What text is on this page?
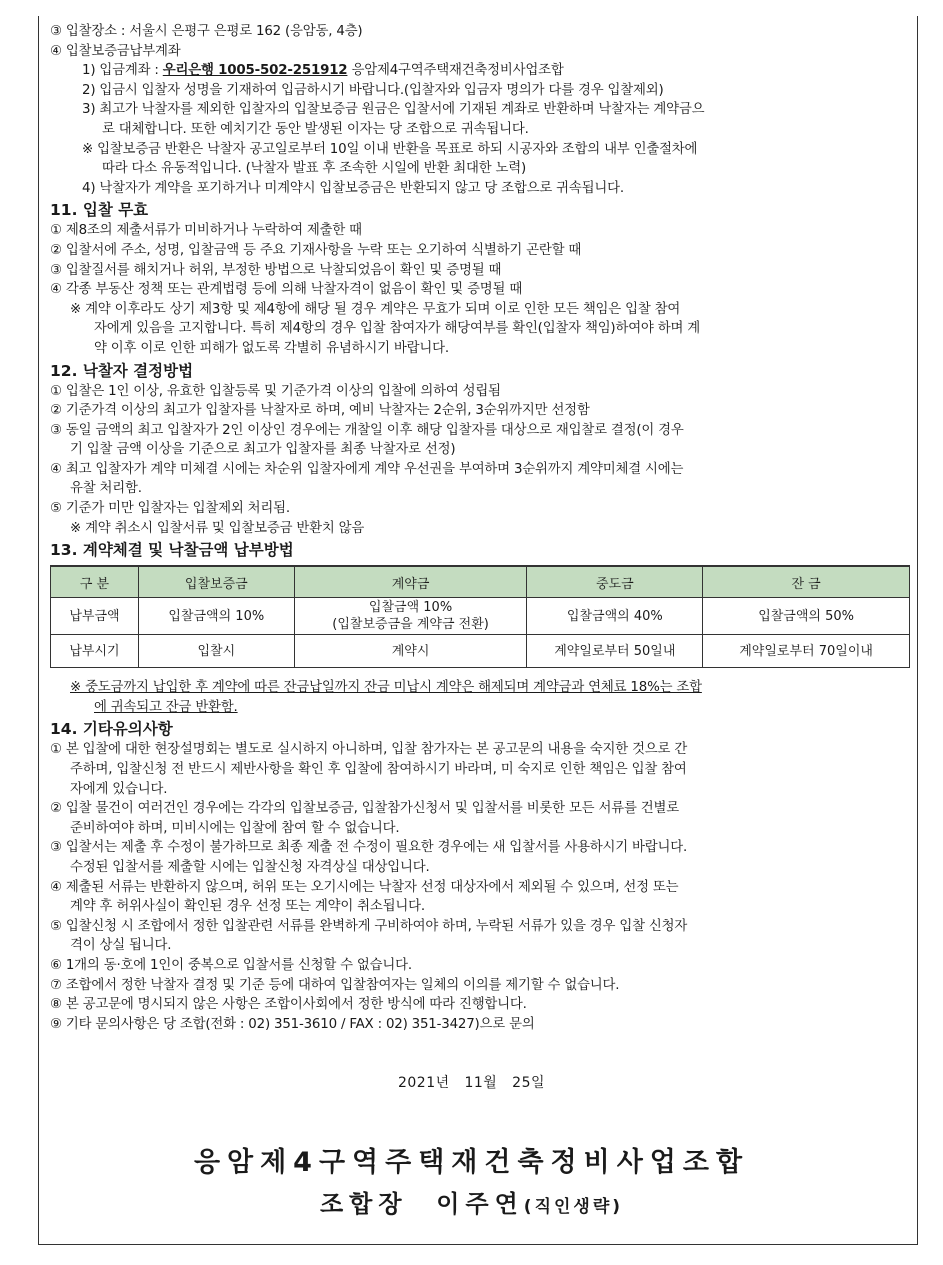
③ 입찰장소 : 서울시 은평구 은평로 162 (응암동, 4층)
④ 입찰보증금납부계좌
1) 입금계좌 : 우리은행 1005-502-251912 응암제4구역주택재건축정비사업조합
2) 입금시 입찰자 성명을 기재하여 입금하시기 바랍니다.(입찰자와 입금자 명의가 다를 경우 입찰제외)
3) 최고가 낙찰자를 제외한 입찰자의 입찰보증금 원금은 입찰서에 기재된 계좌로 반환하며 낙찰자는 계약금으
로 대체합니다. 또한 예치기간 동안 발생된 이자는 당 조합으로 귀속됩니다.
※ 입찰보증금 반환은 낙찰자 공고일로부터 10일 이내 반환을 목표로 하되 시공자와 조합의 내부 인출절차에
따라 다소 유동적입니다. (낙찰자 발표 후 조속한 시일에 반환 최대한 노력)
4) 낙찰자가 계약을 포기하거나 미계약시 입찰보증금은 반환되지 않고 당 조합으로 귀속됩니다.
11. 입찰 무효
① 제8조의 제출서류가 미비하거나 누락하여 제출한 때
② 입찰서에 주소, 성명, 입찰금액 등 주요 기재사항을 누락 또는 오기하여 식별하기 곤란할 때
③ 입찰질서를 해치거나 허위, 부정한 방법으로 낙찰되었음이 확인 및 증명될 때
④ 각종 부동산 정책 또는 관계법령 등에 의해 낙찰자격이 없음이 확인 및 증명될 때
※ 계약 이후라도 상기 제3항 및 제4항에 해당 될 경우 계약은 무효가 되며 이로 인한 모든 책임은 입찰 참여
자에게 있음을 고지합니다. 특히 제4항의 경우 입찰 참여자가 해당여부를 확인(입찰자 책임)하여야 하며 계
약 이후 이로 인한 피해가 없도록 각별히 유념하시기 바랍니다.
12. 낙찰자 결정방법
① 입찰은 1인 이상, 유효한 입찰등록 및 기준가격 이상의 입찰에 의하여 성립됨
② 기준가격 이상의 최고가 입찰자를 낙찰자로 하며, 예비 낙찰자는 2순위, 3순위까지만 선정함
③ 동일 금액의 최고 입찰자가 2인 이상인 경우에는 개찰일 이후 해당 입찰자를 대상으로 재입찰로 결정(이 경우
기 입찰 금액 이상을 기준으로 최고가 입찰자를 최종 낙찰자로 선정)
④ 최고 입찰자가 계약 미체결 시에는 차순위 입찰자에게 계약 우선권을 부여하며 3순위까지 계약미체결 시에는
유찰 처리함.
⑤ 기준가 미만 입찰자는 입찰제외 처리됨.
※ 계약 취소시 입찰서류 및 입찰보증금 반환치 않음
13. 계약체결 및 낙찰금액 납부방법
구 분	입찰보증금	계약금	중도금	잔 금
납부금액	입찰금액의 10%	입찰금액 10%
(입찰보증금을 계약금 전환)	입찰금액의 40%	입찰금액의 50%
납부시기	입찰시	계약시	계약일로부터 50일내	계약일로부터 70일이내
※ 중도금까지 납입한 후 계약에 따른 잔금납일까지 잔금 미납시 계약은 해제되며 계약금과 연체료 18%는 조합
에 귀속되고 잔금 반환함.
14. 기타유의사항
① 본 입찰에 대한 현장설명회는 별도로 실시하지 아니하며, 입찰 참가자는 본 공고문의 내용을 숙지한 것으로 간
주하며, 입찰신청 전 반드시 제반사항을 확인 후 입찰에 참여하시기 바라며, 미 숙지로 인한 책임은 입찰 참여
자에게 있습니다.
② 입찰 물건이 여러건인 경우에는 각각의 입찰보증금, 입찰참가신청서 및 입찰서를 비롯한 모든 서류를 건별로
준비하여야 하며, 미비시에는 입찰에 참여 할 수 없습니다.
③ 입찰서는 제출 후 수정이 불가하므로 최종 제출 전 수정이 필요한 경우에는 새 입찰서를 사용하시기 바랍니다.
수정된 입찰서를 제출할 시에는 입찰신청 자격상실 대상입니다.
④ 제출된 서류는 반환하지 않으며, 허위 또는 오기시에는 낙찰자 선정 대상자에서 제외될 수 있으며, 선정 또는
계약 후 허위사실이 확인된 경우 선정 또는 계약이 취소됩니다.
⑤ 입찰신청 시 조합에서 정한 입찰관련 서류를 완벽하게 구비하여야 하며, 누락된 서류가 있을 경우 입찰 신청자
격이 상실 됩니다.
⑥ 1개의 동·호에 1인이 중복으로 입찰서를 신청할 수 없습니다.
⑦ 조합에서 정한 낙찰자 결정 및 기준 등에 대하여 입찰참여자는 일체의 이의를 제기할 수 없습니다.
⑧ 본 공고문에 명시되지 않은 사항은 조합이사회에서 정한 방식에 따라 진행합니다.
⑨ 기타 문의사항은 당 조합(전화 : 02) 351-3610 / FAX : 02) 351-3427)으로 문의
2021년   11월   25일
응암제4구역주택재건축정비사업조합
조합장  이주연(직인생략)
